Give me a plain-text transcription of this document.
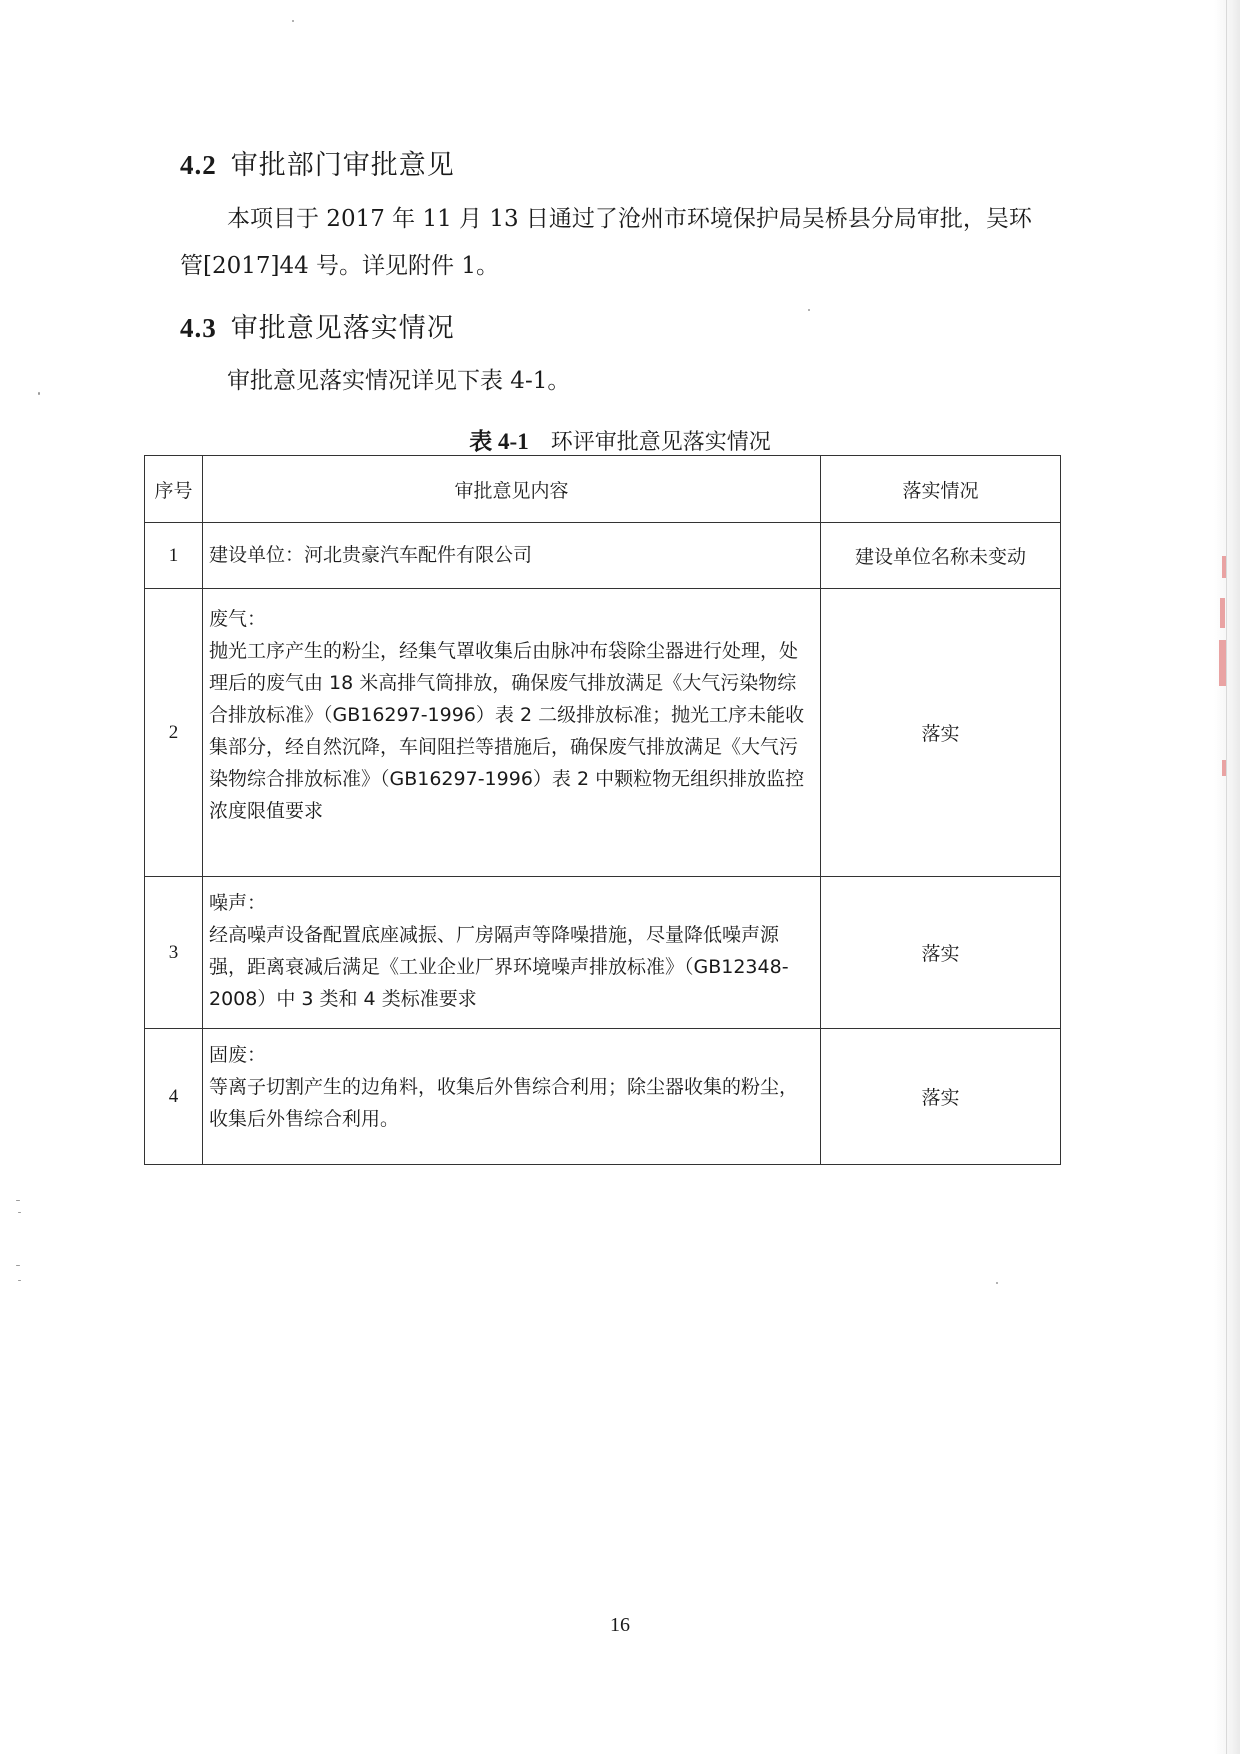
4.2 审批部门审批意见
本项目于 2017 年 11 月 13 日通过了沧州市环境保护局吴桥县分局审批，吴环管[2017]44 号。详见附件 1。
4.3 审批意见落实情况
审批意见落实情况详见下表 4-1。
表 4-1 环评审批意见落实情况
序号	审批意见内容	落实情况
1	建设单位：河北贵豪汽车配件有限公司	建设单位名称未变动
2	废气：
抛光工序产生的粉尘，经集气罩收集后由脉冲布袋除尘器进行处理，处理后的废气由 18 米高排气筒排放，确保废气排放满足《大气污染物综合排放标准》（GB16297-1996）表 2 二级排放标准；抛光工序未能收集部分，经自然沉降，车间阻拦等措施后，确保废气排放满足《大气污染物综合排放标准》（GB16297-1996）表 2 中颗粒物无组织排放监控浓度限值要求	落实
3	噪声：
经高噪声设备配置底座减振、厂房隔声等降噪措施，尽量降低噪声源强，距离衰减后满足《工业企业厂界环境噪声排放标准》（GB12348-2008）中 3 类和 4 类标准要求	落实
4	固废：
等离子切割产生的边角料，收集后外售综合利用；除尘器收集的粉尘，收集后外售综合利用。	落实
16
